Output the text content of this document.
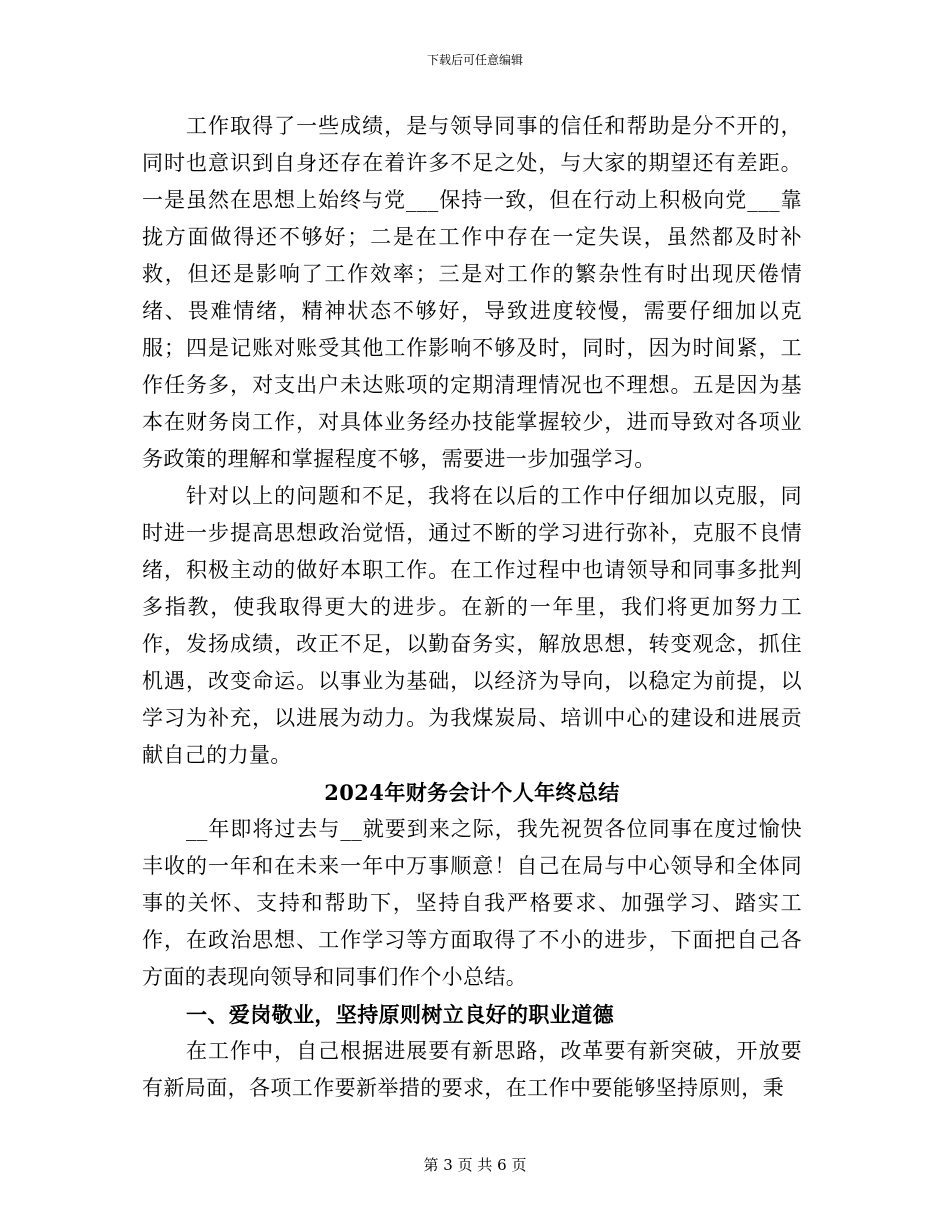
下载后可任意编辑

工作取得了一些成绩，是与领导同事的信任和帮助是分不开的，同时也意识到自身还存在着许多不足之处，与大家的期望还有差距。一是虽然在思想上始终与党___保持一致，但在行动上积极向党___靠拢方面做得还不够好；二是在工作中存在一定失误，虽然都及时补救，但还是影响了工作效率；三是对工作的繁杂性有时出现厌倦情绪、畏难情绪，精神状态不够好，导致进度较慢，需要仔细加以克服；四是记账对账受其他工作影响不够及时，同时，因为时间紧，工作任务多，对支出户未达账项的定期清理情况也不理想。五是因为基本在财务岗工作，对具体业务经办技能掌握较少，进而导致对各项业务政策的理解和掌握程度不够，需要进一步加强学习。

针对以上的问题和不足，我将在以后的工作中仔细加以克服，同时进一步提高思想政治觉悟，通过不断的学习进行弥补，克服不良情绪，积极主动的做好本职工作。在工作过程中也请领导和同事多批判多指教，使我取得更大的进步。在新的一年里，我们将更加努力工作，发扬成绩，改正不足，以勤奋务实，解放思想，转变观念，抓住机遇，改变命运。以事业为基础，以经济为导向，以稳定为前提，以学习为补充，以进展为动力。为我煤炭局、培训中心的建设和进展贡献自己的力量。

2024年财务会计个人年终总结

__年即将过去与__就要到来之际，我先祝贺各位同事在度过愉快丰收的一年和在未来一年中万事顺意！自己在局与中心领导和全体同事的关怀、支持和帮助下，坚持自我严格要求、加强学习、踏实工作，在政治思想、工作学习等方面取得了不小的进步，下面把自己各方面的表现向领导和同事们作个小总结。

一、爱岗敬业，坚持原则树立良好的职业道德

在工作中，自己根据进展要有新思路，改革要有新突破，开放要有新局面，各项工作要新举措的要求，在工作中要能够坚持原则，秉

第 3 页 共 6 页
